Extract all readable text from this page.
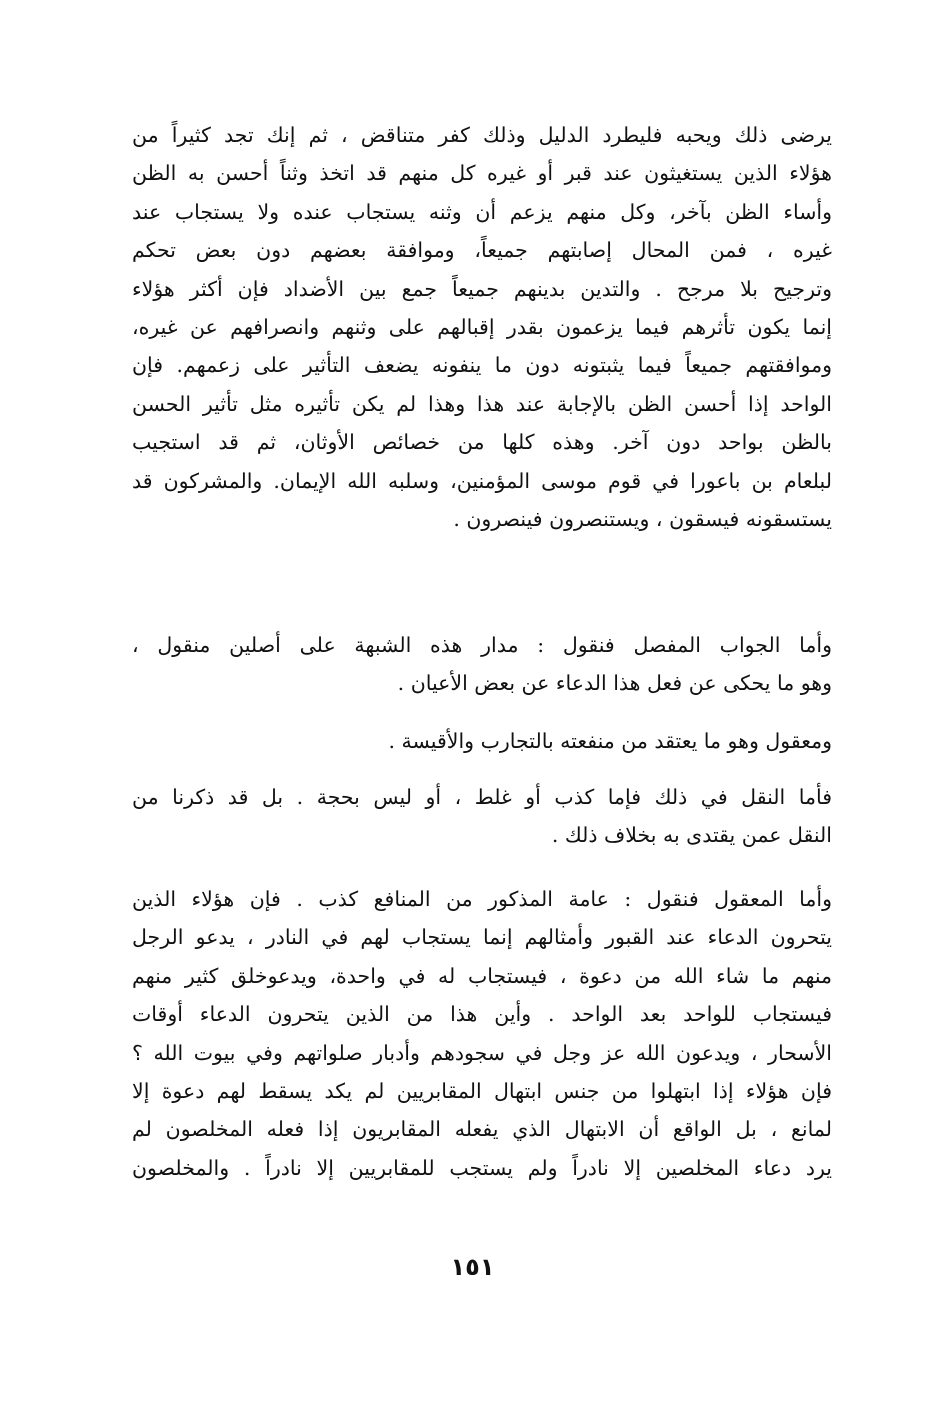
يرضى ذلك ويحبه فليطرد الدليل وذلك كفر متناقض ، ثم إنك تجد كثيراً من
هؤلاء الذين يستغيثون عند قبر أو غيره كل منهم قد اتخذ وثناً أحسن به الظن
وأساء الظن بآخر، وكل منهم يزعم أن وثنه يستجاب عنده ولا يستجاب عند
غيره ، فمن المحال إصابتهم جميعاً، وموافقة بعضهم دون بعض تحكم
وترجيح بلا مرجح . والتدين بدينهم جميعاً جمع بين الأضداد فإن أكثر هؤلاء
إنما يكون تأثرهم فيما يزعمون بقدر إقبالهم على وثنهم وانصرافهم عن غيره،
وموافقتهم جميعاً فيما يثبتونه دون ما ينفونه يضعف التأثير على زعمهم. فإن
الواحد إذا أحسن الظن بالإجابة عند هذا وهذا لم يكن تأثيره مثل تأثير الحسن
بالظن بواحد دون آخر. وهذه كلها من خصائص الأوثان، ثم قد استجيب
لبلعام بن باعورا في قوم موسى المؤمنين، وسلبه الله الإيمان. والمشركون قد
يستسقونه فيسقون ، ويستنصرون فينصرون .
وأما الجواب المفصل فنقول : مدار هذه الشبهة على أصلين منقول ،
وهو ما يحكى عن فعل هذا الدعاء عن بعض الأعيان .
ومعقول وهو ما يعتقد من منفعته بالتجارب والأقيسة .
فأما النقل في ذلك فإما كذب أو غلط ، أو ليس بحجة . بل قد ذكرنا من
النقل عمن يقتدى به بخلاف ذلك .
وأما المعقول فنقول : عامة المذكور من المنافع كذب . فإن هؤلاء الذين
يتحرون الدعاء عند القبور وأمثالهم إنما يستجاب لهم في النادر ، يدعو الرجل
منهم ما شاء الله من دعوة ، فيستجاب له في واحدة، ويدعوخلق كثير منهم
فيستجاب للواحد بعد الواحد . وأين هذا من الذين يتحرون الدعاء أوقات
الأسحار ، ويدعون الله عز وجل في سجودهم وأدبار صلواتهم وفي بيوت الله ؟
فإن هؤلاء إذا ابتهلوا من جنس ابتهال المقابريين لم يكد يسقط لهم دعوة إلا
لمانع ، بل الواقع أن الابتهال الذي يفعله المقابريون إذا فعله المخلصون لم
يرد دعاء المخلصين إلا نادراً ولم يستجب للمقابريين إلا نادراً . والمخلصون
١٥١
